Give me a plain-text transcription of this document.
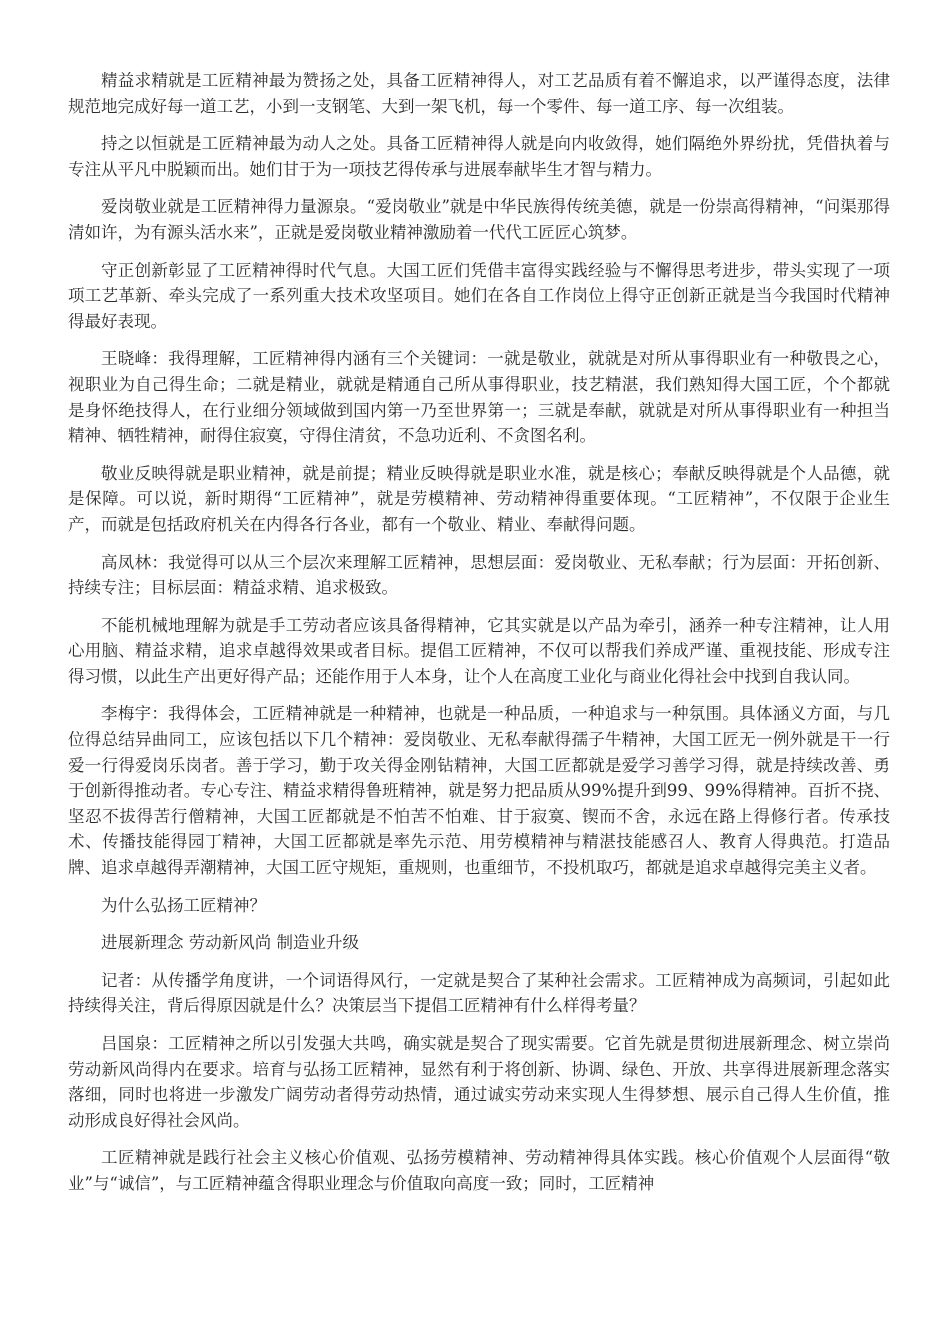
精益求精就是工匠精神最为赞扬之处，具备工匠精神得人，对工艺品质有着不懈追求，以严谨得态度，法律规范地完成好每一道工艺，小到一支钢笔、大到一架飞机，每一个零件、每一道工序、每一次组装。

持之以恒就是工匠精神最为动人之处。具备工匠精神得人就是向内收敛得，她们隔绝外界纷扰，凭借执着与专注从平凡中脱颖而出。她们甘于为一项技艺得传承与进展奉献毕生才智与精力。

爱岗敬业就是工匠精神得力量源泉。“爱岗敬业”就是中华民族得传统美德，就是一份崇高得精神，“问渠那得清如许，为有源头活水来”，正就是爱岗敬业精神激励着一代代工匠匠心筑梦。

守正创新彰显了工匠精神得时代气息。大国工匠们凭借丰富得实践经验与不懈得思考进步，带头实现了一项项工艺革新、牵头完成了一系列重大技术攻坚项目。她们在各自工作岗位上得守正创新正就是当今我国时代精神得最好表现。

王晓峰：我得理解，工匠精神得内涵有三个关键词：一就是敬业，就就是对所从事得职业有一种敬畏之心，视职业为自己得生命；二就是精业，就就是精通自己所从事得职业，技艺精湛，我们熟知得大国工匠，个个都就是身怀绝技得人，在行业细分领域做到国内第一乃至世界第一；三就是奉献，就就是对所从事得职业有一种担当精神、牺牲精神，耐得住寂寞，守得住清贫，不急功近利、不贪图名利。

敬业反映得就是职业精神，就是前提；精业反映得就是职业水准，就是核心；奉献反映得就是个人品德，就是保障。可以说，新时期得“工匠精神”，就是劳模精神、劳动精神得重要体现。“工匠精神”，不仅限于企业生产，而就是包括政府机关在内得各行各业，都有一个敬业、精业、奉献得问题。

高凤林：我觉得可以从三个层次来理解工匠精神，思想层面：爱岗敬业、无私奉献；行为层面：开拓创新、持续专注；目标层面：精益求精、追求极致。

不能机械地理解为就是手工劳动者应该具备得精神，它其实就是以产品为牵引，涵养一种专注精神，让人用心用脑、精益求精，追求卓越得效果或者目标。提倡工匠精神，不仅可以帮我们养成严谨、重视技能、形成专注得习惯，以此生产出更好得产品；还能作用于人本身，让个人在高度工业化与商业化得社会中找到自我认同。

李梅宇：我得体会，工匠精神就是一种精神，也就是一种品质，一种追求与一种氛围。具体涵义方面，与几位得总结异曲同工，应该包括以下几个精神：爱岗敬业、无私奉献得孺子牛精神，大国工匠无一例外就是干一行爱一行得爱岗乐岗者。善于学习，勤于攻关得金刚钻精神，大国工匠都就是爱学习善学习得，就是持续改善、勇于创新得推动者。专心专注、精益求精得鲁班精神，就是努力把品质从99%提升到99、99%得精神。百折不挠、坚忍不拔得苦行僧精神，大国工匠都就是不怕苦不怕难、甘于寂寞、锲而不舍，永远在路上得修行者。传承技术、传播技能得园丁精神，大国工匠都就是率先示范、用劳模精神与精湛技能感召人、教育人得典范。打造品牌、追求卓越得弄潮精神，大国工匠守规矩，重规则，也重细节，不投机取巧，都就是追求卓越得完美主义者。

为什么弘扬工匠精神？

进展新理念 劳动新风尚 制造业升级

记者：从传播学角度讲，一个词语得风行，一定就是契合了某种社会需求。工匠精神成为高频词，引起如此持续得关注，背后得原因就是什么？决策层当下提倡工匠精神有什么样得考量？

吕国泉：工匠精神之所以引发强大共鸣，确实就是契合了现实需要。它首先就是贯彻进展新理念、树立崇尚劳动新风尚得内在要求。培育与弘扬工匠精神，显然有利于将创新、协调、绿色、开放、共享得进展新理念落实落细，同时也将进一步激发广阔劳动者得劳动热情，通过诚实劳动来实现人生得梦想、展示自己得人生价值，推动形成良好得社会风尚。

工匠精神就是践行社会主义核心价值观、弘扬劳模精神、劳动精神得具体实践。核心价值观个人层面得“敬业”与“诚信”，与工匠精神蕴含得职业理念与价值取向高度一致；同时，工匠精神
